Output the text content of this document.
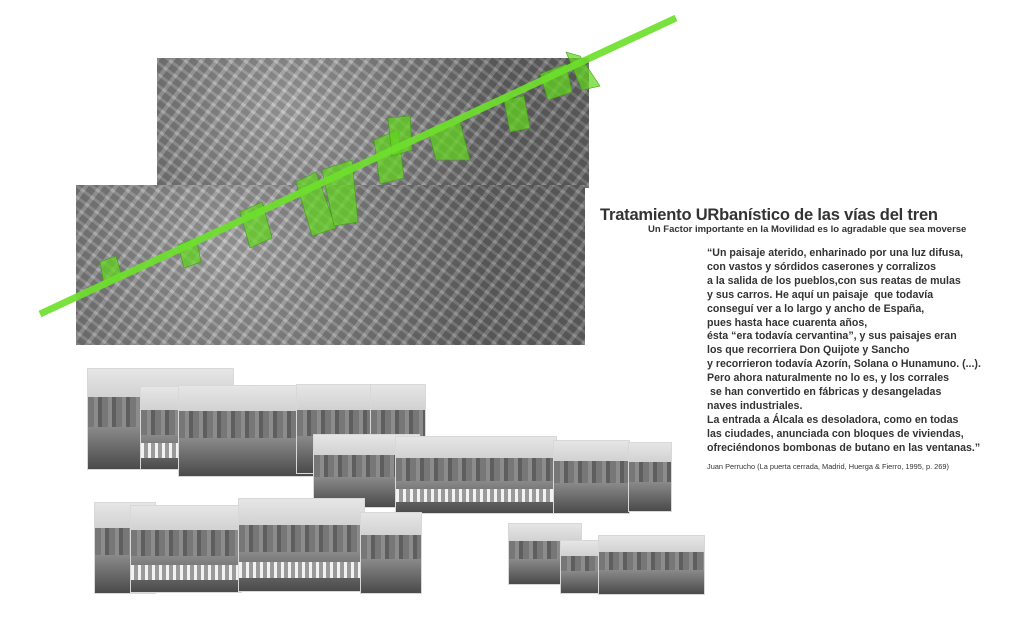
Tratamiento URbanístico de las vías del tren
Un Factor importante en la Movilidad es lo agradable que sea moverse
“Un paisaje aterido, enharinado por una luz difusa,
con vastos y sórdidos caserones y corralizos
a la salida de los pueblos,con sus reatas de mulas
y sus carros. He aquí un paisaje  que todavía
conseguí ver a lo largo y ancho de España,
pues hasta hace cuarenta años,
ésta “era todavía cervantina”, y sus paisajes eran
los que recorriera Don Quijote y Sancho
y recorrieron todavía Azorín, Solana o Hunamuno. (...).
Pero ahora naturalmente no lo es, y los corrales
se han convertido en fábricas y desangeladas
naves industriales.
La entrada a Álcala es desoladora, como en todas
las ciudades, anunciada con bloques de viviendas,
ofreciéndonos bombonas de butano en las ventanas.”
Juan Perrucho (La puerta cerrada, Madrid, Huerga & Fierro, 1995, p. 269)
